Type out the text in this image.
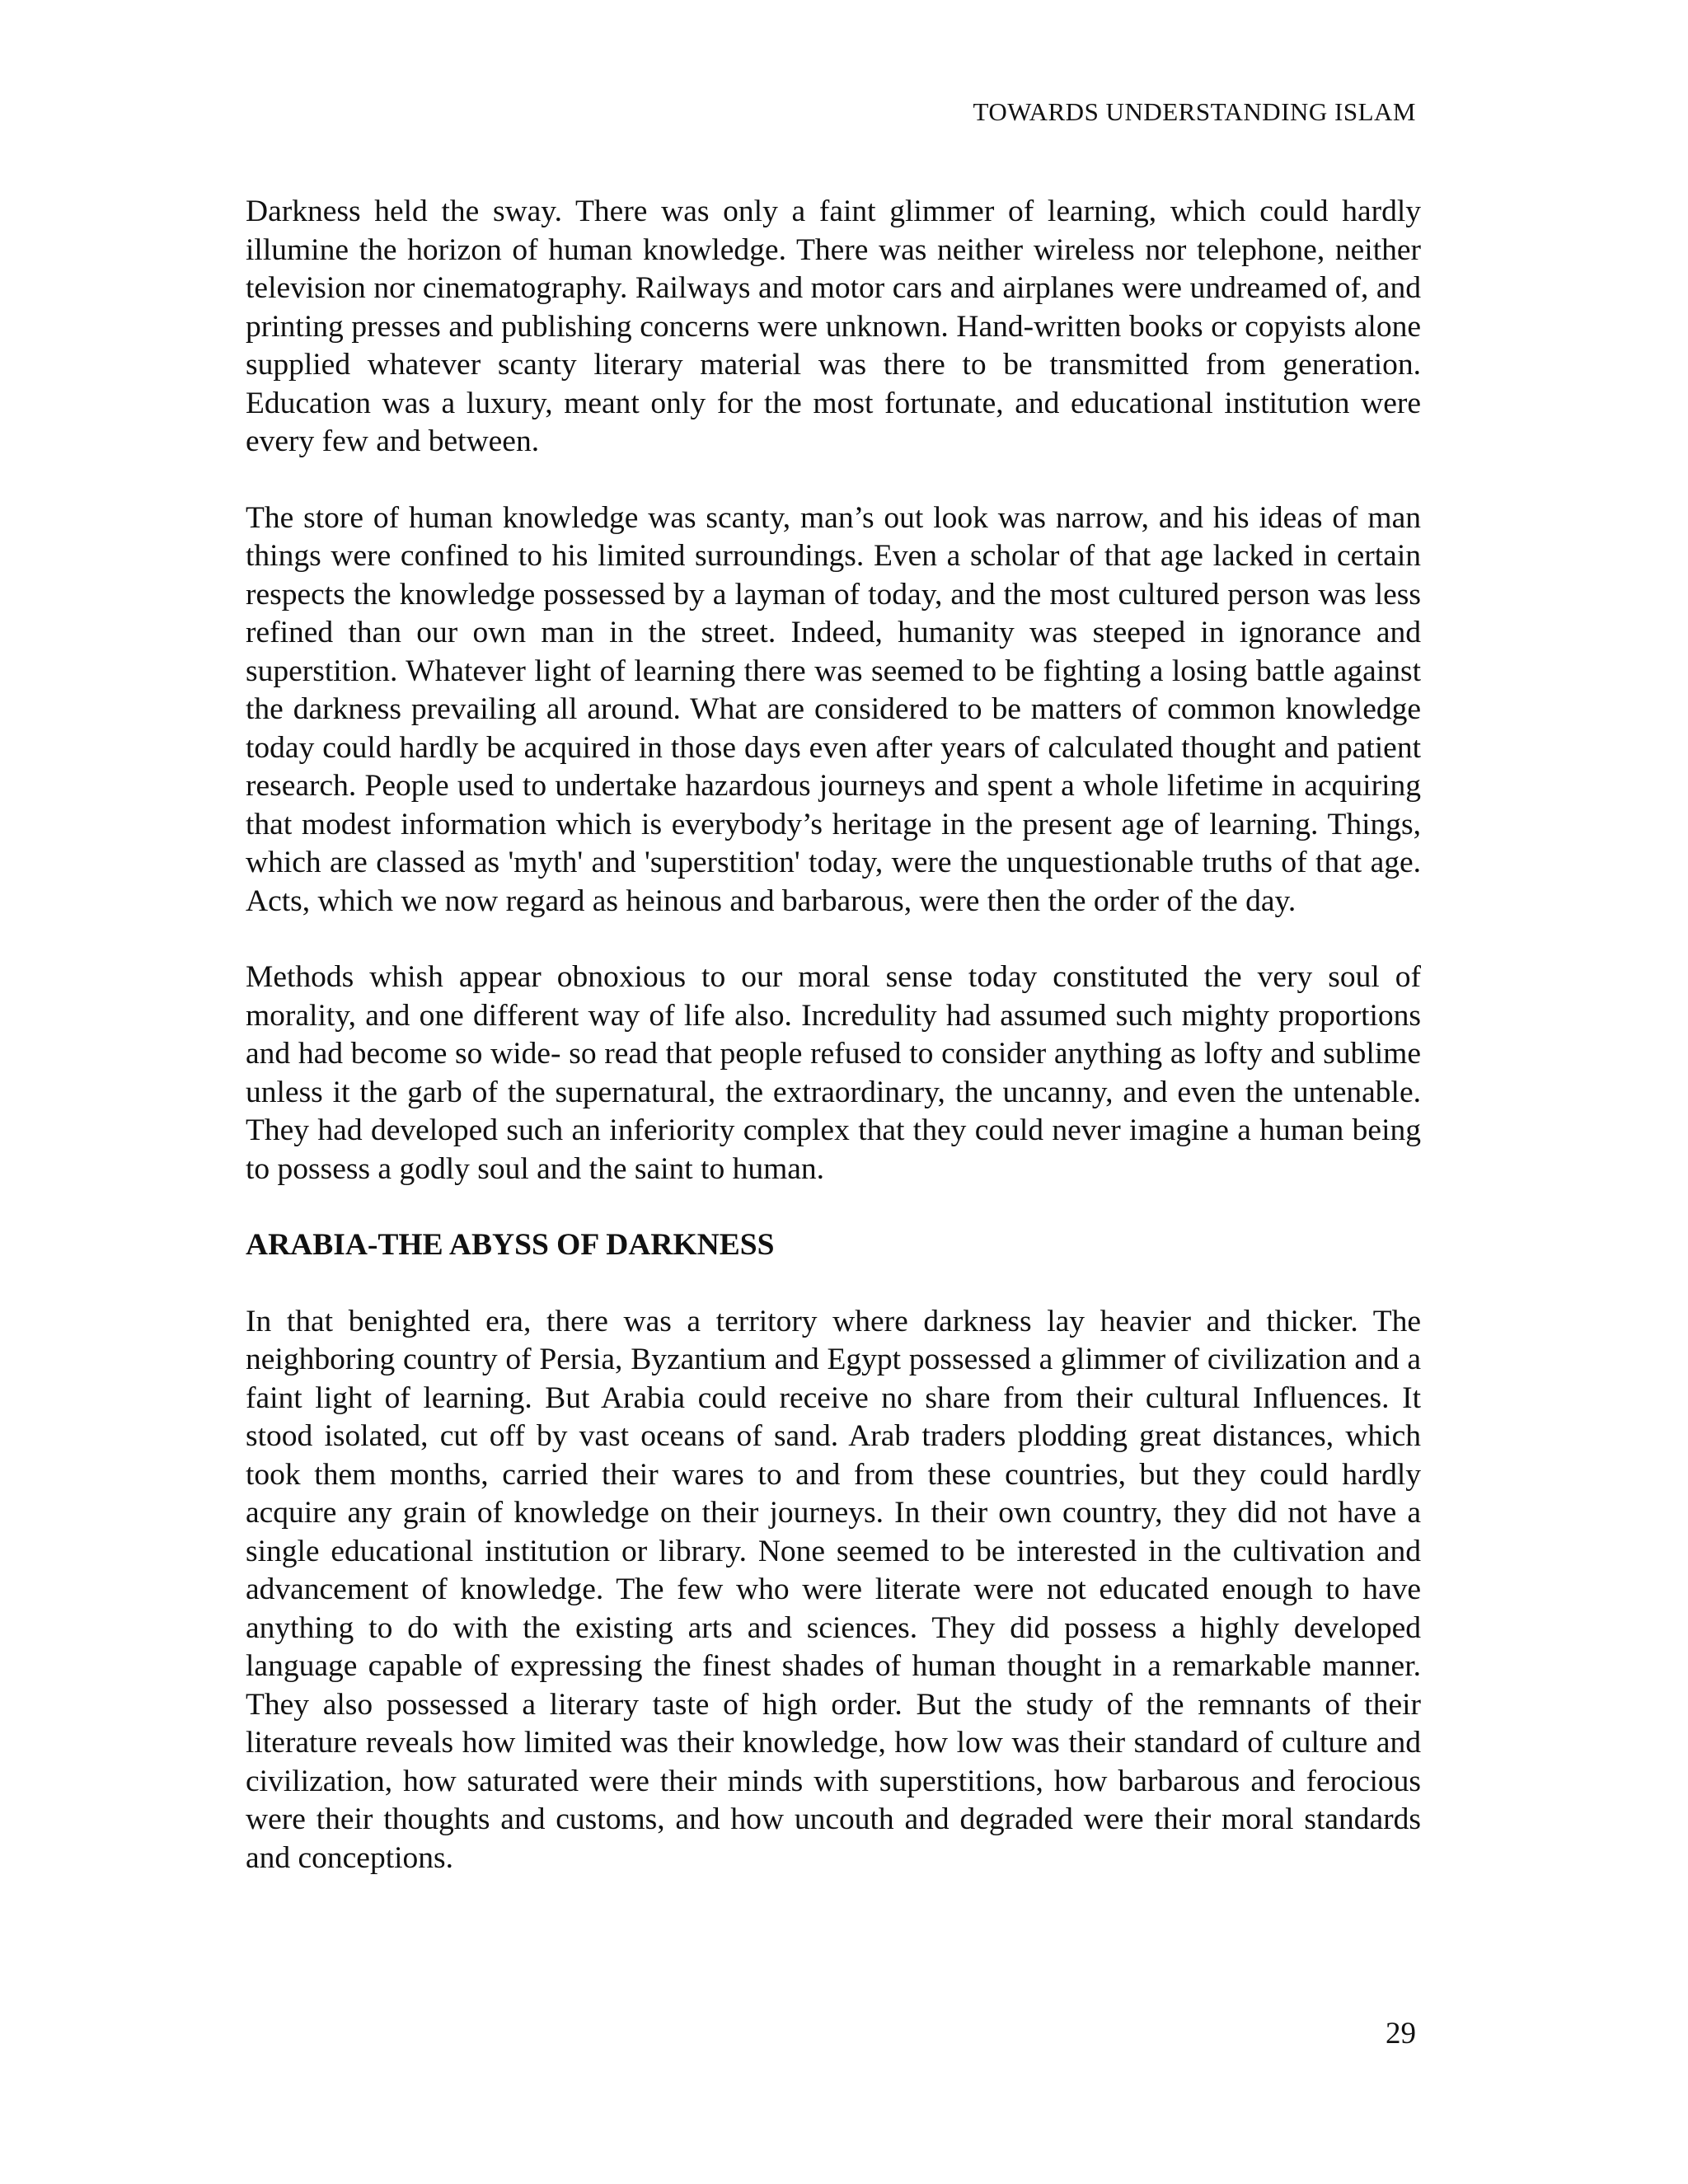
TOWARDS UNDERSTANDING ISLAM

Darkness held the sway. There was only a faint glimmer of learning, which could hardly illumine the horizon of human knowledge. There was neither wireless nor telephone, neither television nor cinematography. Railways and motor cars and airplanes were undreamed of, and printing presses and publishing concerns were unknown. Hand-written books or copyists alone supplied whatever scanty literary material was there to be transmitted from generation. Education was a luxury, meant only for the most fortunate, and educational institution were every few and between.

The store of human knowledge was scanty, man’s out look was narrow, and his ideas of man things were confined to his limited surroundings. Even a scholar of that age lacked in certain respects the knowledge possessed by a layman of today, and the most cultured person was less refined than our own man in the street. Indeed, humanity was steeped in ignorance and superstition. Whatever light of learning there was seemed to be fighting a losing battle against the darkness prevailing all around. What are considered to be matters of common knowledge today could hardly be acquired in those days even after years of calculated thought and patient research. People used to undertake hazardous journeys and spent a whole lifetime in acquiring that modest information which is everybody’s heritage in the present age of learning. Things, which are classed as 'myth' and 'superstition' today, were the unquestionable truths of that age. Acts, which we now regard as heinous and barbarous, were then the order of the day.

Methods whish appear obnoxious to our moral sense today constituted the very soul of morality, and one different way of life also. Incredulity had assumed such mighty proportions and had become so wide- so read that people refused to consider anything as lofty and sublime unless it the garb of the supernatural, the extraordinary, the uncanny, and even the untenable. They had developed such an inferiority complex that they could never imagine a human being to possess a godly soul and the saint to human.

ARABIA-THE ABYSS OF DARKNESS

In that benighted era, there was a territory where darkness lay heavier and thicker. The neighboring country of Persia, Byzantium and Egypt possessed a glimmer of civilization and a faint light of learning. But Arabia could receive no share from their cultural Influences. It stood isolated, cut off by vast oceans of sand. Arab traders plodding great distances, which took them months, carried their wares to and from these countries, but they could hardly acquire any grain of knowledge on their journeys. In their own country, they did not have a single educational institution or library. None seemed to be interested in the cultivation and advancement of knowledge. The few who were literate were not educated enough to have anything to do with the existing arts and sciences. They did possess a highly developed language capable of expressing the finest shades of human thought in a remarkable manner. They also possessed a literary taste of high order. But the study of the remnants of their literature reveals how limited was their knowledge, how low was their standard of culture and civilization, how saturated were their minds with superstitions, how barbarous and ferocious were their thoughts and customs, and how uncouth and degraded were their moral standards and conceptions.

29
